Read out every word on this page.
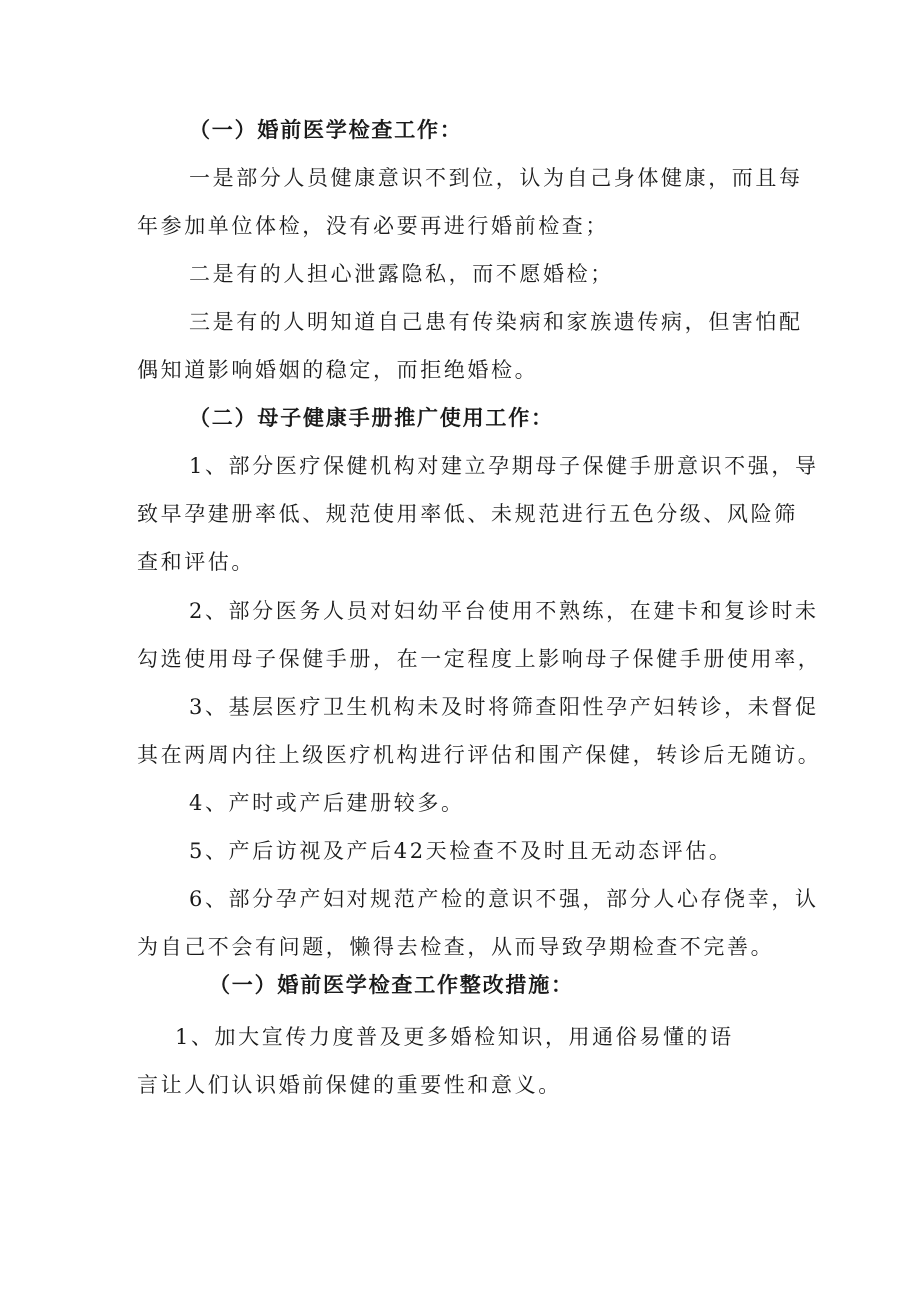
（一）婚前医学检查工作：
一是部分人员健康意识不到位，认为自己身体健康，而且每
年参加单位体检，没有必要再进行婚前检查；
二是有的人担心泄露隐私，而不愿婚检；
三是有的人明知道自己患有传染病和家族遗传病，但害怕配
偶知道影响婚姻的稳定，而拒绝婚检。
（二）母子健康手册推广使用工作：
1、部分医疗保健机构对建立孕期母子保健手册意识不强，导
致早孕建册率低、规范使用率低、未规范进行五色分级、风险筛
查和评估。
2、部分医务人员对妇幼平台使用不熟练，在建卡和复诊时未
勾选使用母子保健手册，在一定程度上影响母子保健手册使用率，
3、基层医疗卫生机构未及时将筛查阳性孕产妇转诊，未督促
其在两周内往上级医疗机构进行评估和围产保健，转诊后无随访。
4、产时或产后建册较多。
5、产后访视及产后42天检查不及时且无动态评估。
6、部分孕产妇对规范产检的意识不强，部分人心存侥幸，认
为自己不会有问题，懒得去检查，从而导致孕期检查不完善。
（一）婚前医学检查工作整改措施：
1、加大宣传力度普及更多婚检知识，用通俗易懂的语
言让人们认识婚前保健的重要性和意义。
